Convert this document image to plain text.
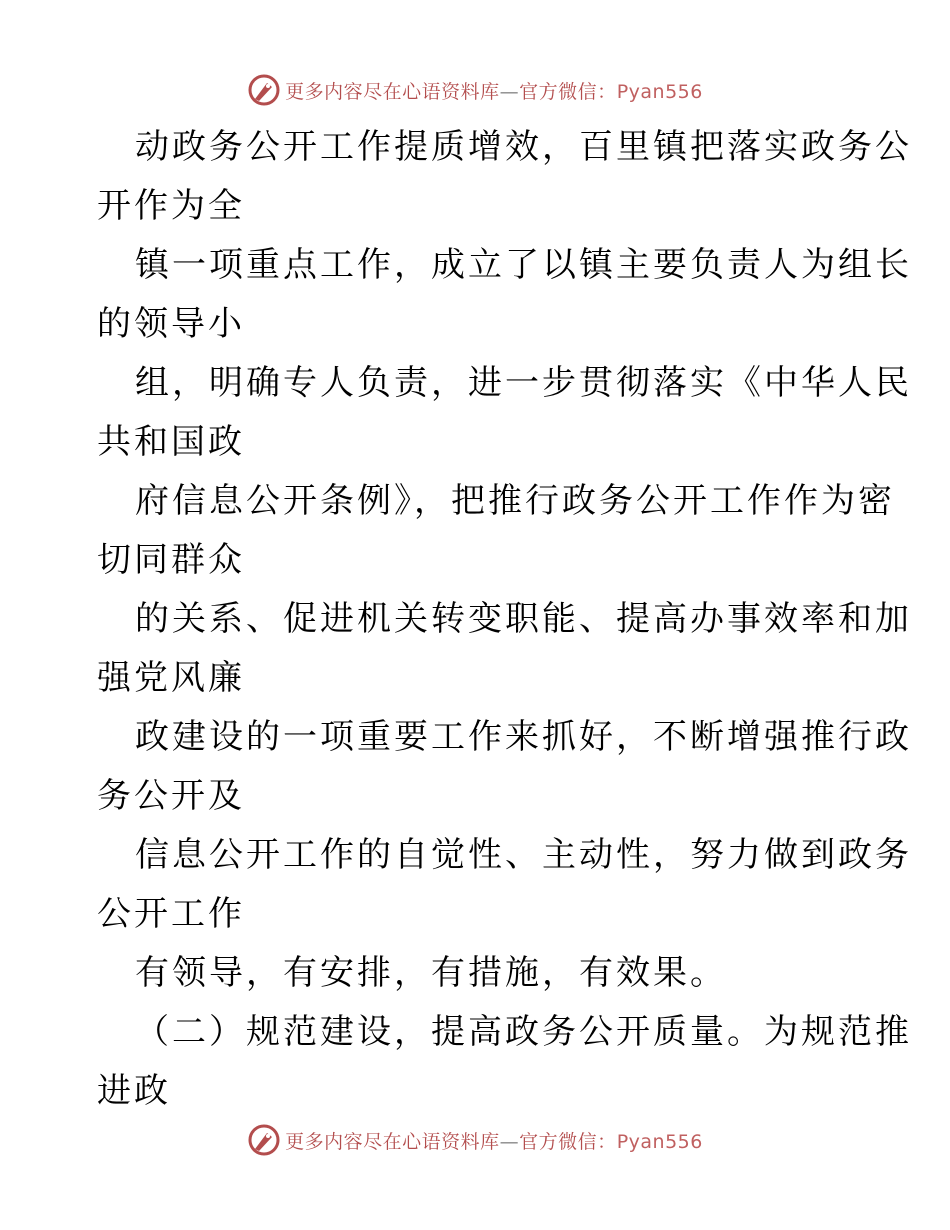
更多内容尽在心语资料库—官方微信：Pyan556
动政务公开工作提质增效，百里镇把落实政务公
开作为全
镇一项重点工作，成立了以镇主要负责人为组长
的领导小
组，明确专人负责，进一步贯彻落实《中华人民
共和国政
府信息公开条例》，把推行政务公开工作作为密
切同群众
的关系、促进机关转变职能、提高办事效率和加
强党风廉
政建设的一项重要工作来抓好，不断增强推行政
务公开及
信息公开工作的自觉性、主动性，努力做到政务
公开工作
有领导，有安排，有措施，有效果。
（二）规范建设，提高政务公开质量。为规范推
进政
更多内容尽在心语资料库—官方微信：Pyan556
